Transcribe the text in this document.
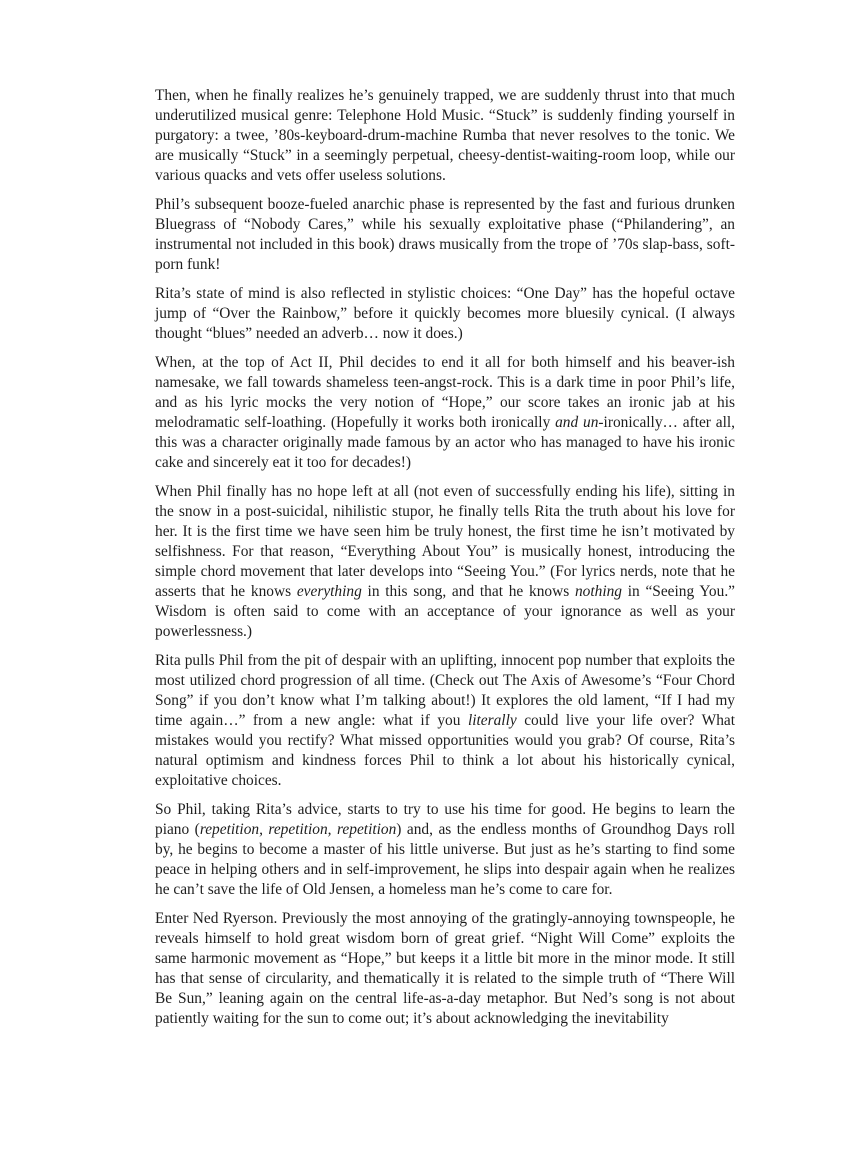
Then, when he finally realizes he’s genuinely trapped, we are suddenly thrust into that much underutilized musical genre: Telephone Hold Music. “Stuck” is suddenly finding yourself in purgatory: a twee, ’80s-keyboard-drum-machine Rumba that never resolves to the tonic. We are musically “Stuck” in a seemingly perpetual, cheesy-dentist-waiting-room loop, while our various quacks and vets offer useless solutions.

Phil’s subsequent booze-fueled anarchic phase is represented by the fast and furious drunken Bluegrass of “Nobody Cares,” while his sexually exploitative phase (“Philandering”, an instrumental not included in this book) draws musically from the trope of ’70s slap-bass, soft-porn funk!

Rita’s state of mind is also reflected in stylistic choices: “One Day” has the hopeful octave jump of “Over the Rainbow,” before it quickly becomes more bluesily cynical. (I always thought “blues” needed an adverb… now it does.)

When, at the top of Act II, Phil decides to end it all for both himself and his beaver-ish namesake, we fall towards shameless teen-angst-rock. This is a dark time in poor Phil’s life, and as his lyric mocks the very notion of “Hope,” our score takes an ironic jab at his melodramatic self-loathing. (Hopefully it works both ironically and un-ironically… after all, this was a character originally made famous by an actor who has managed to have his ironic cake and sincerely eat it too for decades!)

When Phil finally has no hope left at all (not even of successfully ending his life), sitting in the snow in a post-suicidal, nihilistic stupor, he finally tells Rita the truth about his love for her. It is the first time we have seen him be truly honest, the first time he isn’t motivated by selfishness. For that reason, “Everything About You” is musically honest, introducing the simple chord movement that later develops into “Seeing You.” (For lyrics nerds, note that he asserts that he knows everything in this song, and that he knows nothing in “Seeing You.” Wisdom is often said to come with an acceptance of your ignorance as well as your powerlessness.)

Rita pulls Phil from the pit of despair with an uplifting, innocent pop number that exploits the most utilized chord progression of all time. (Check out The Axis of Awesome’s “Four Chord Song” if you don’t know what I’m talking about!) It explores the old lament, “If I had my time again…” from a new angle: what if you literally could live your life over? What mistakes would you rectify? What missed opportunities would you grab? Of course, Rita’s natural optimism and kindness forces Phil to think a lot about his historically cynical, exploitative choices.

So Phil, taking Rita’s advice, starts to try to use his time for good. He begins to learn the piano (repetition, repetition, repetition) and, as the endless months of Groundhog Days roll by, he begins to become a master of his little universe. But just as he’s starting to find some peace in helping others and in self-improvement, he slips into despair again when he realizes he can’t save the life of Old Jensen, a homeless man he’s come to care for.

Enter Ned Ryerson. Previously the most annoying of the gratingly-annoying townspeople, he reveals himself to hold great wisdom born of great grief. “Night Will Come” exploits the same harmonic movement as “Hope,” but keeps it a little bit more in the minor mode. It still has that sense of circularity, and thematically it is related to the simple truth of “There Will Be Sun,” leaning again on the central life-as-a-day metaphor. But Ned’s song is not about patiently waiting for the sun to come out; it’s about acknowledging the inevitability
